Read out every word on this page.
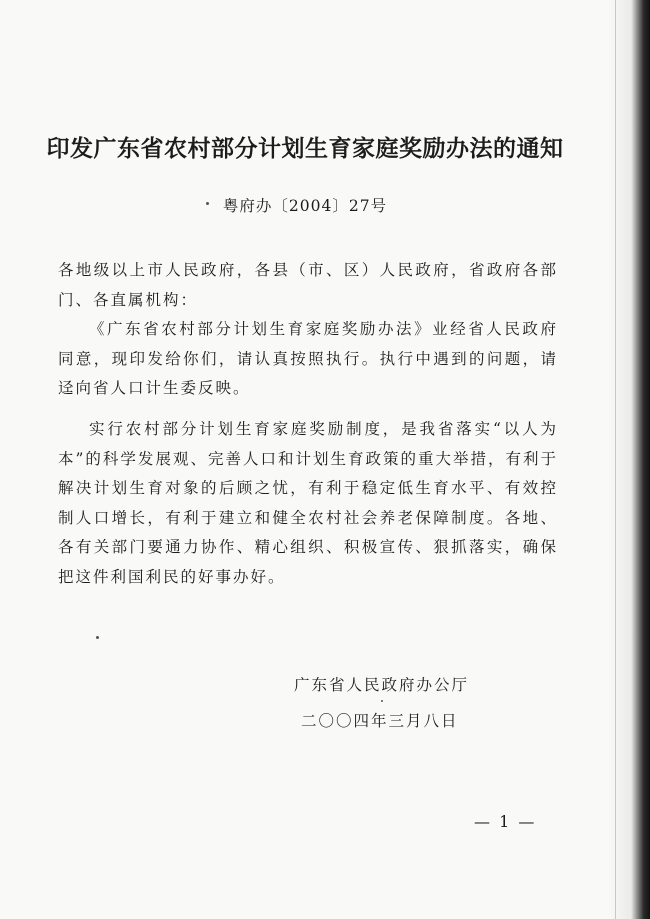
印发广东省农村部分计划生育家庭奖励办法的通知
粤府办〔2004〕27号

各地级以上市人民政府，各县（市、区）人民政府，省政府各部门、各直属机构：

《广东省农村部分计划生育家庭奖励办法》业经省人民政府同意，现印发给你们，请认真按照执行。执行中遇到的问题，请迳向省人口计生委反映。

实行农村部分计划生育家庭奖励制度，是我省落实“以人为本”的科学发展观、完善人口和计划生育政策的重大举措，有利于解决计划生育对象的后顾之忧，有利于稳定低生育水平、有效控制人口增长，有利于建立和健全农村社会养老保障制度。各地、各有关部门要通力协作、精心组织、积极宣传、狠抓落实，确保把这件利国利民的好事办好。

广东省人民政府办公厅
二〇〇四年三月八日
— 1 —
